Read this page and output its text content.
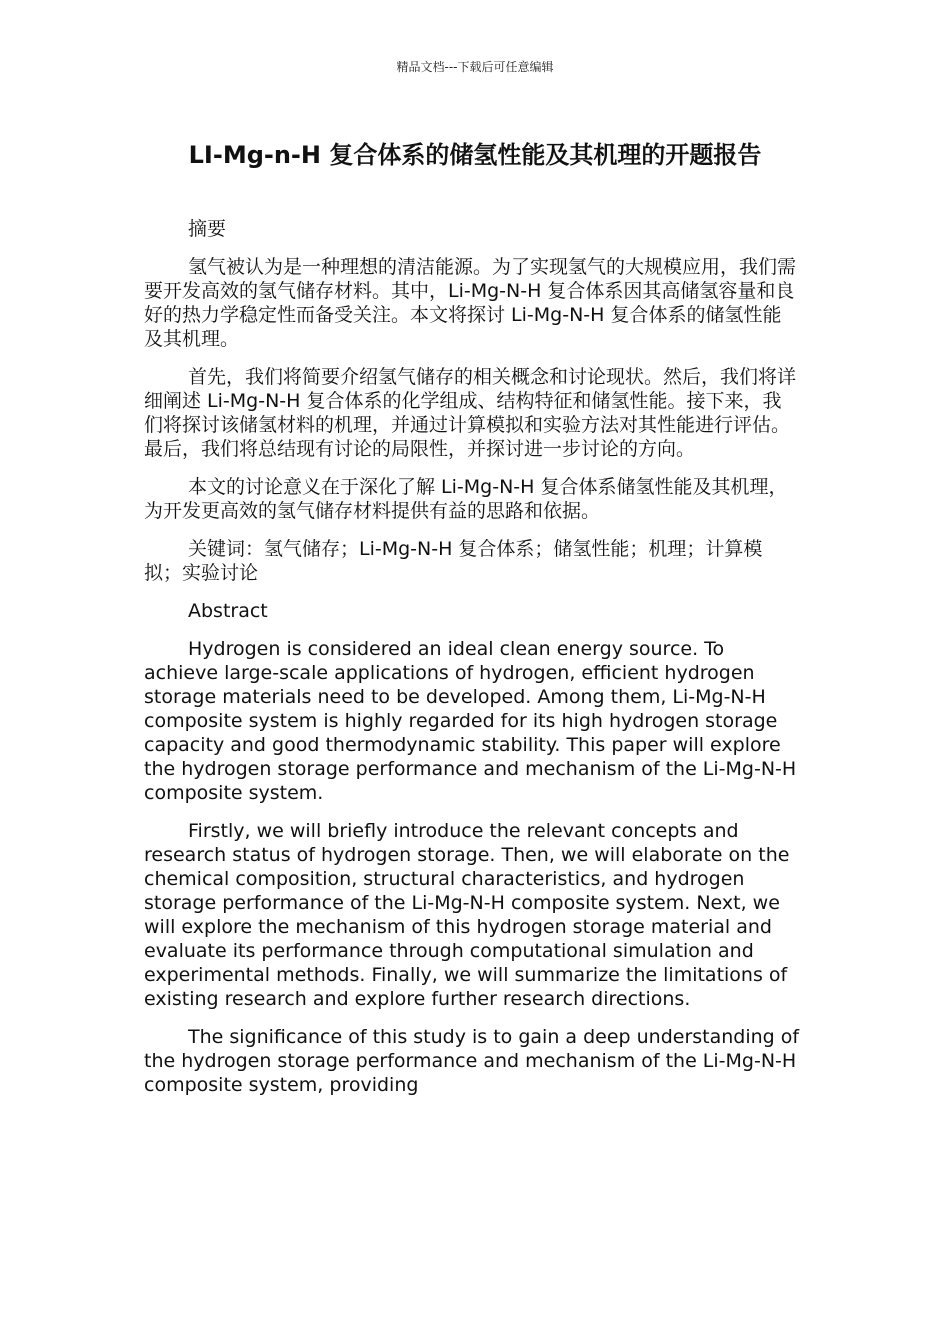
精品文档---下载后可任意编辑
LI-Mg-n-H 复合体系的储氢性能及其机理的开题报告

摘要

氢气被认为是一种理想的清洁能源。为了实现氢气的大规模应用，我们需要开发高效的氢气储存材料。其中，Li-Mg-N-H 复合体系因其高储氢容量和良好的热力学稳定性而备受关注。本文将探讨 Li-Mg-N-H 复合体系的储氢性能及其机理。

首先，我们将简要介绍氢气储存的相关概念和讨论现状。然后，我们将详细阐述 Li-Mg-N-H 复合体系的化学组成、结构特征和储氢性能。接下来，我们将探讨该储氢材料的机理，并通过计算模拟和实验方法对其性能进行评估。最后，我们将总结现有讨论的局限性，并探讨进一步讨论的方向。

本文的讨论意义在于深化了解 Li-Mg-N-H 复合体系储氢性能及其机理，为开发更高效的氢气储存材料提供有益的思路和依据。

关键词：氢气储存；Li-Mg-N-H 复合体系；储氢性能；机理；计算模拟；实验讨论

Abstract

Hydrogen is considered an ideal clean energy source. To achieve large-scale applications of hydrogen, efficient hydrogen storage materials need to be developed. Among them, Li-Mg-N-H composite system is highly regarded for its high hydrogen storage capacity and good thermodynamic stability. This paper will explore the hydrogen storage performance and mechanism of the Li-Mg-N-H composite system.

Firstly, we will briefly introduce the relevant concepts and research status of hydrogen storage. Then, we will elaborate on the chemical composition, structural characteristics, and hydrogen storage performance of the Li-Mg-N-H composite system. Next, we will explore the mechanism of this hydrogen storage material and evaluate its performance through computational simulation and experimental methods. Finally, we will summarize the limitations of existing research and explore further research directions.

The significance of this study is to gain a deep understanding of the hydrogen storage performance and mechanism of the Li-Mg-N-H composite system, providing
